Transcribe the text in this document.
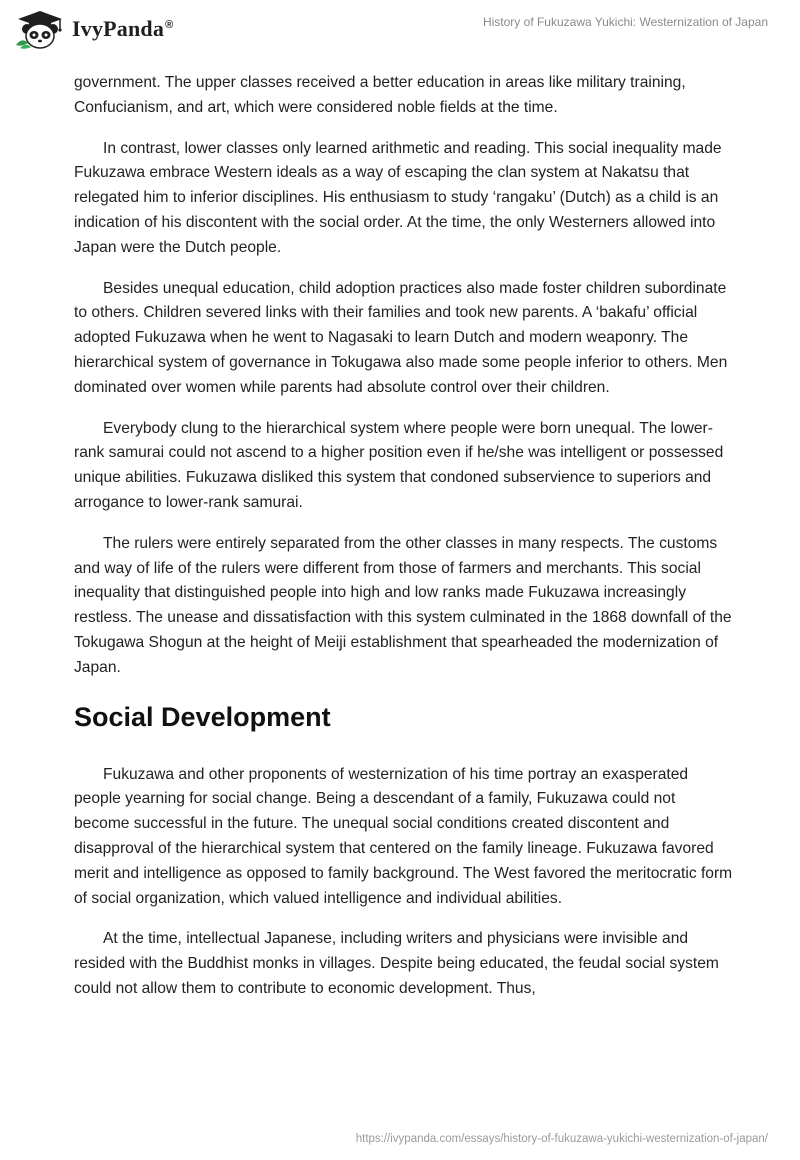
IvyPanda®	History of Fukuzawa Yukichi: Westernization of Japan

government. The upper classes received a better education in areas like military training, Confucianism, and art, which were considered noble fields at the time.

In contrast, lower classes only learned arithmetic and reading. This social inequality made Fukuzawa embrace Western ideals as a way of escaping the clan system at Nakatsu that relegated him to inferior disciplines. His enthusiasm to study ‘rangaku’ (Dutch) as a child is an indication of his discontent with the social order. At the time, the only Westerners allowed into Japan were the Dutch people.

Besides unequal education, child adoption practices also made foster children subordinate to others. Children severed links with their families and took new parents. A ‘bakafu’ official adopted Fukuzawa when he went to Nagasaki to learn Dutch and modern weaponry. The hierarchical system of governance in Tokugawa also made some people inferior to others. Men dominated over women while parents had absolute control over their children.

Everybody clung to the hierarchical system where people were born unequal. The lower-rank samurai could not ascend to a higher position even if he/she was intelligent or possessed unique abilities. Fukuzawa disliked this system that condoned subservience to superiors and arrogance to lower-rank samurai.

The rulers were entirely separated from the other classes in many respects. The customs and way of life of the rulers were different from those of farmers and merchants. This social inequality that distinguished people into high and low ranks made Fukuzawa increasingly restless. The unease and dissatisfaction with this system culminated in the 1868 downfall of the Tokugawa Shogun at the height of Meiji establishment that spearheaded the modernization of Japan.

Social Development

Fukuzawa and other proponents of westernization of his time portray an exasperated people yearning for social change. Being a descendant of a family, Fukuzawa could not become successful in the future. The unequal social conditions created discontent and disapproval of the hierarchical system that centered on the family lineage. Fukuzawa favored merit and intelligence as opposed to family background. The West favored the meritocratic form of social organization, which valued intelligence and individual abilities.

At the time, intellectual Japanese, including writers and physicians were invisible and resided with the Buddhist monks in villages. Despite being educated, the feudal social system could not allow them to contribute to economic development. Thus,

https://ivypanda.com/essays/history-of-fukuzawa-yukichi-westernization-of-japan/
